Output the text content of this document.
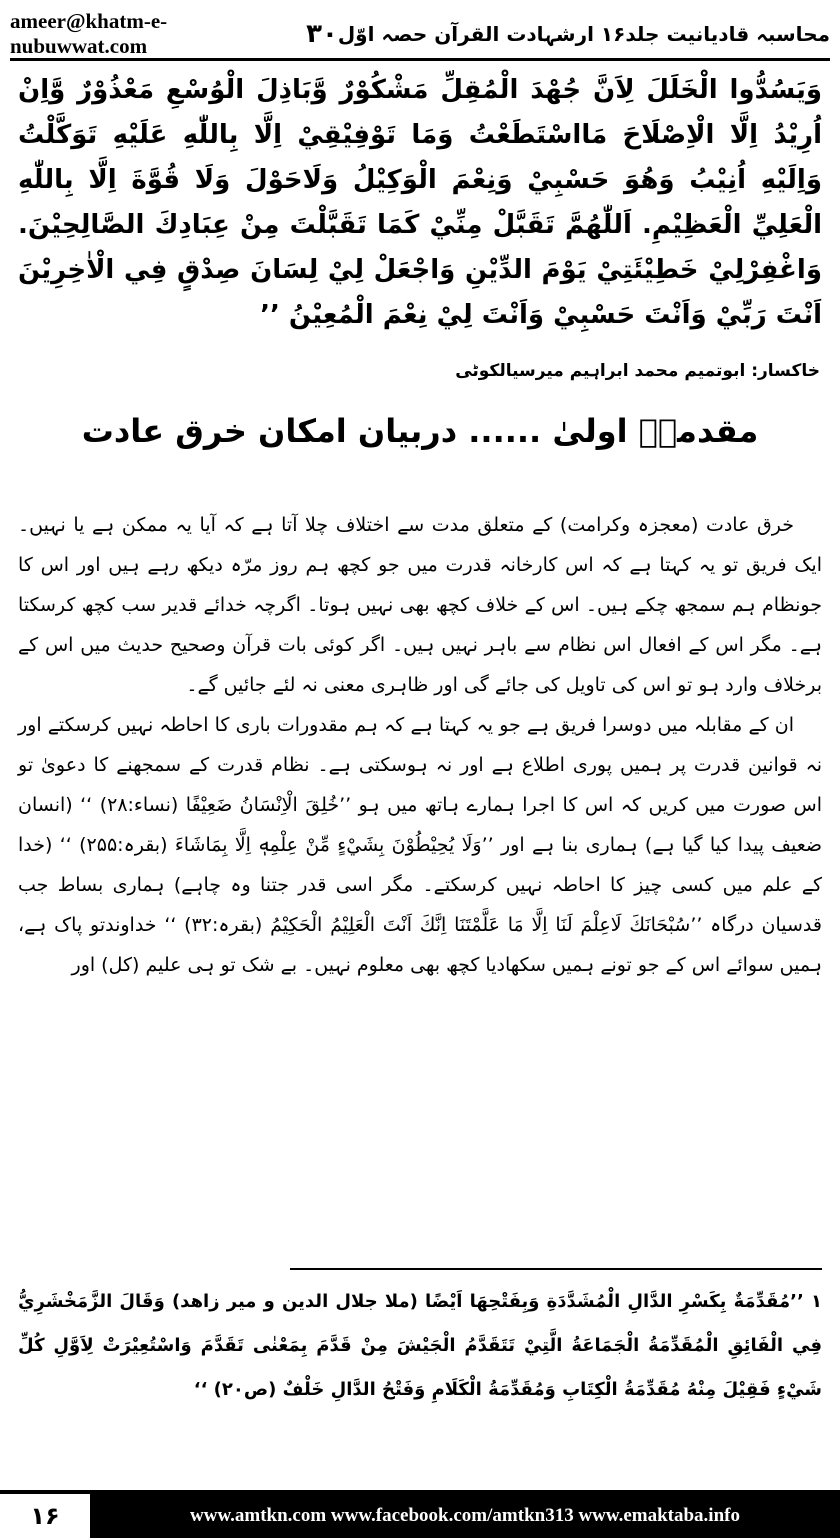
ameer@khatm-e-nubuwwat.com	۳۰ محاسبہ قادیانیت جلد۱۶ ارشہادت القرآن حصہ اوّل
وَيَسُدُّوا الْخَلَلَ لِاَنَّ جُهْدَ الْمُقِلِّ مَشْكُوْرٌ وَّبَاذِلَ الْوُسْعِ مَعْذُوْرٌ وَّاِنْ اُرِيْدُ اِلَّا الْاِصْلَاحَ مَااسْتَطَعْتُ وَمَا تَوْفِيْقِيْ اِلَّا بِاللّٰهِ عَلَيْهِ تَوَكَّلْتُ وَاِلَيْهِ اُنِيْبُ وَهُوَ حَسْبِيْ وَنِعْمَ الْوَكِيْلُ وَلَاحَوْلَ وَلَا قُوَّةَ اِلَّا بِاللّٰهِ الْعَلِيِّ الْعَظِيْمِ. اَللّٰهُمَّ تَقَبَّلْ مِنِّيْ كَمَا تَقَبَّلْتَ مِنْ عِبَادِكَ الصَّالِحِيْنَ. وَاغْفِرْلِيْ خَطِيْئَتِيْ يَوْمَ الدِّيْنِ وَاجْعَلْ لِيْ لِسَانَ صِدْقٍ فِي الْاٰخِرِيْنَ اَنْتَ رَبِّيْ وَاَنْتَ حَسْبِيْ وَاَنْتَ لِيْ نِعْمَ الْمُعِيْنُ ’’
خاکسار: ابوتمیم محمد ابراہیم میرسیالکوٹی
مقدمہؔ اولیٰ ...... دربیان امکان خرق عادت

خرق عادت (معجزہ وکرامت) کے متعلق مدت سے اختلاف چلا آتا ہے کہ آیا یہ ممکن ہے یا نہیں۔ ایک فریق تو یہ کہتا ہے کہ اس کارخانہ قدرت میں جو کچھ ہم روز مرّہ دیکھ رہے ہیں اور اس کا جونظام ہم سمجھ چکے ہیں۔ اس کے خلاف کچھ بھی نہیں ہوتا۔ اگرچہ خدائے قدیر سب کچھ کرسکتا ہے۔ مگر اس کے افعال اس نظام سے باہر نہیں ہیں۔ اگر کوئی بات قرآن وصحیح حدیث میں اس کے برخلاف وارد ہو تو اس کی تاویل کی جائے گی اور ظاہری معنی نہ لئے جائیں گے۔

ان کے مقابلہ میں دوسرا فریق ہے جو یہ کہتا ہے کہ ہم مقدورات باری کا احاطہ نہیں کرسکتے اور نہ قوانین قدرت پر ہمیں پوری اطلاع ہے اور نہ ہوسکتی ہے۔ نظام قدرت کے سمجھنے کا دعویٰ تو اس صورت میں کریں کہ اس کا اجرا ہمارے ہاتھ میں ہو ’’خُلِقَ الْاِنْسَانُ ضَعِيْفًا (نساء:۲۸) ‘‘ (انسان ضعیف پیدا کیا گیا ہے) ہماری بنا ہے اور ’’وَلَا يُحِيْطُوْنَ بِشَيْءٍ مِّنْ عِلْمِهٖ اِلَّا بِمَاشَاءَ (بقرہ:۲۵۵) ‘‘ (خدا کے علم میں کسی چیز کا احاطہ نہیں کرسکتے۔ مگر اسی قدر جتنا وہ چاہے) ہماری بساط جب قدسیان درگاہ ’’سُبْحَانَكَ لَاعِلْمَ لَنَا اِلَّا مَا عَلَّمْتَنَا اِنَّكَ اَنْتَ الْعَلِيْمُ الْحَكِيْمُ (بقرہ:۳۲) ‘‘ خداوندتو پاک ہے، ہمیں سوائے اس کے جو تونے ہمیں سکھادیا کچھ بھی معلوم نہیں۔ بے شک تو ہی علیم (کل) اور

۱ ’’مُقَدِّمَةٌ بِكَسْرِ الدَّالِ الْمُشَدَّدَةِ وَبِفَتْحِهَا اَيْضًا (ملا جلال الدين و مير زاهد) وَقَالَ الزَّمَخْشَرِيُّ فِي الْفَائِقِ الْمُقَدِّمَةُ الْجَمَاعَةُ الَّتِيْ تَتَقَدَّمُ الْجَيْشَ مِنْ قَدَّمَ بِمَعْنٰى تَقَدَّمَ وَاسْتُعِيْرَتْ لِاَوَّلِ كُلِّ شَيْءٍ فَقِيْلَ مِنْهُ مُقَدِّمَةُ الْكِتَابِ وَمُقَدِّمَةُ الْكَلَامِ وَفَتْحُ الدَّالِ خَلْفٌ (ص۲۰) ‘‘
۱۶	www.amtkn.com www.facebook.com/amtkn313 www.emaktaba.info
